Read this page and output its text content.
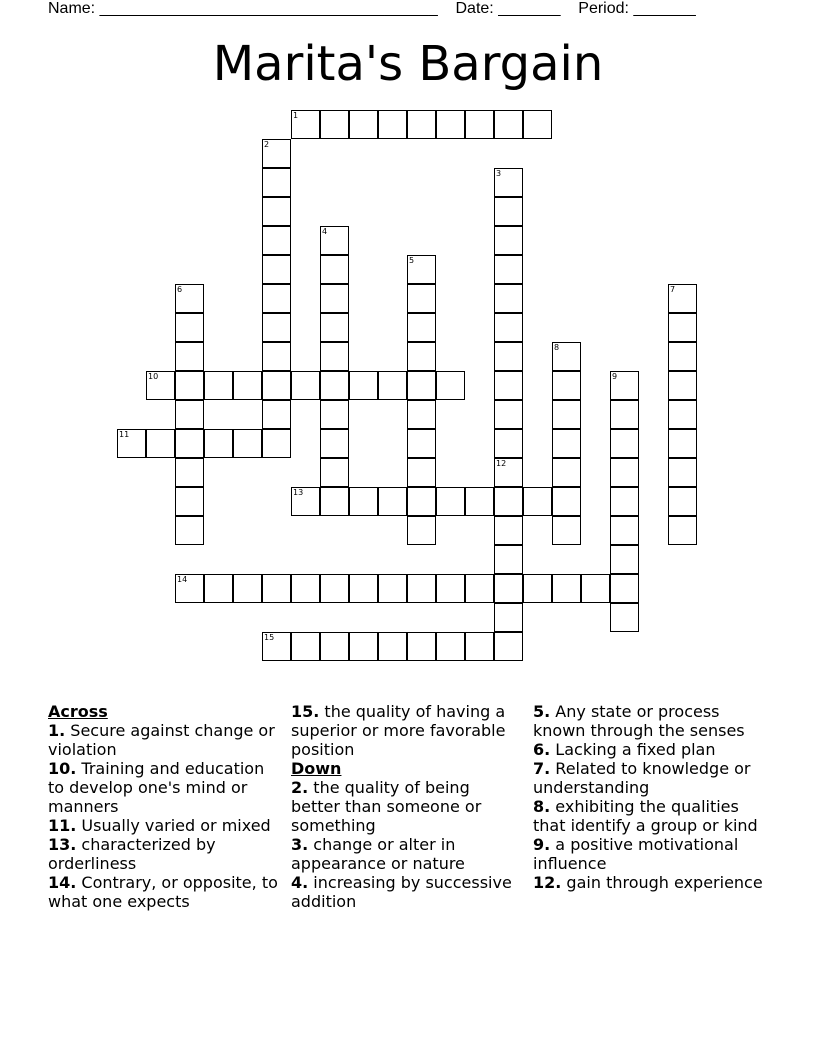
Name: ______________________________________ Date: _______ Period: _______
Marita's Bargain
1
10
11
13
14
15
2
3
4
5
6	7
8
9
12
Across
1. Secure against change or violation
10. Training and education to develop one's mind or manners
11. Usually varied or mixed
13. characterized by orderliness
14. Contrary, or opposite, to what one expects
15. the quality of having a superior or more favorable position
Down
2. the quality of being better than someone or something
3. change or alter in appearance or nature
4. increasing by successive addition
5. Any state or process known through the senses
6. Lacking a fixed plan
7. Related to knowledge or understanding
8. exhibiting the qualities that identify a group or kind
9. a positive motivational influence
12. gain through experience
